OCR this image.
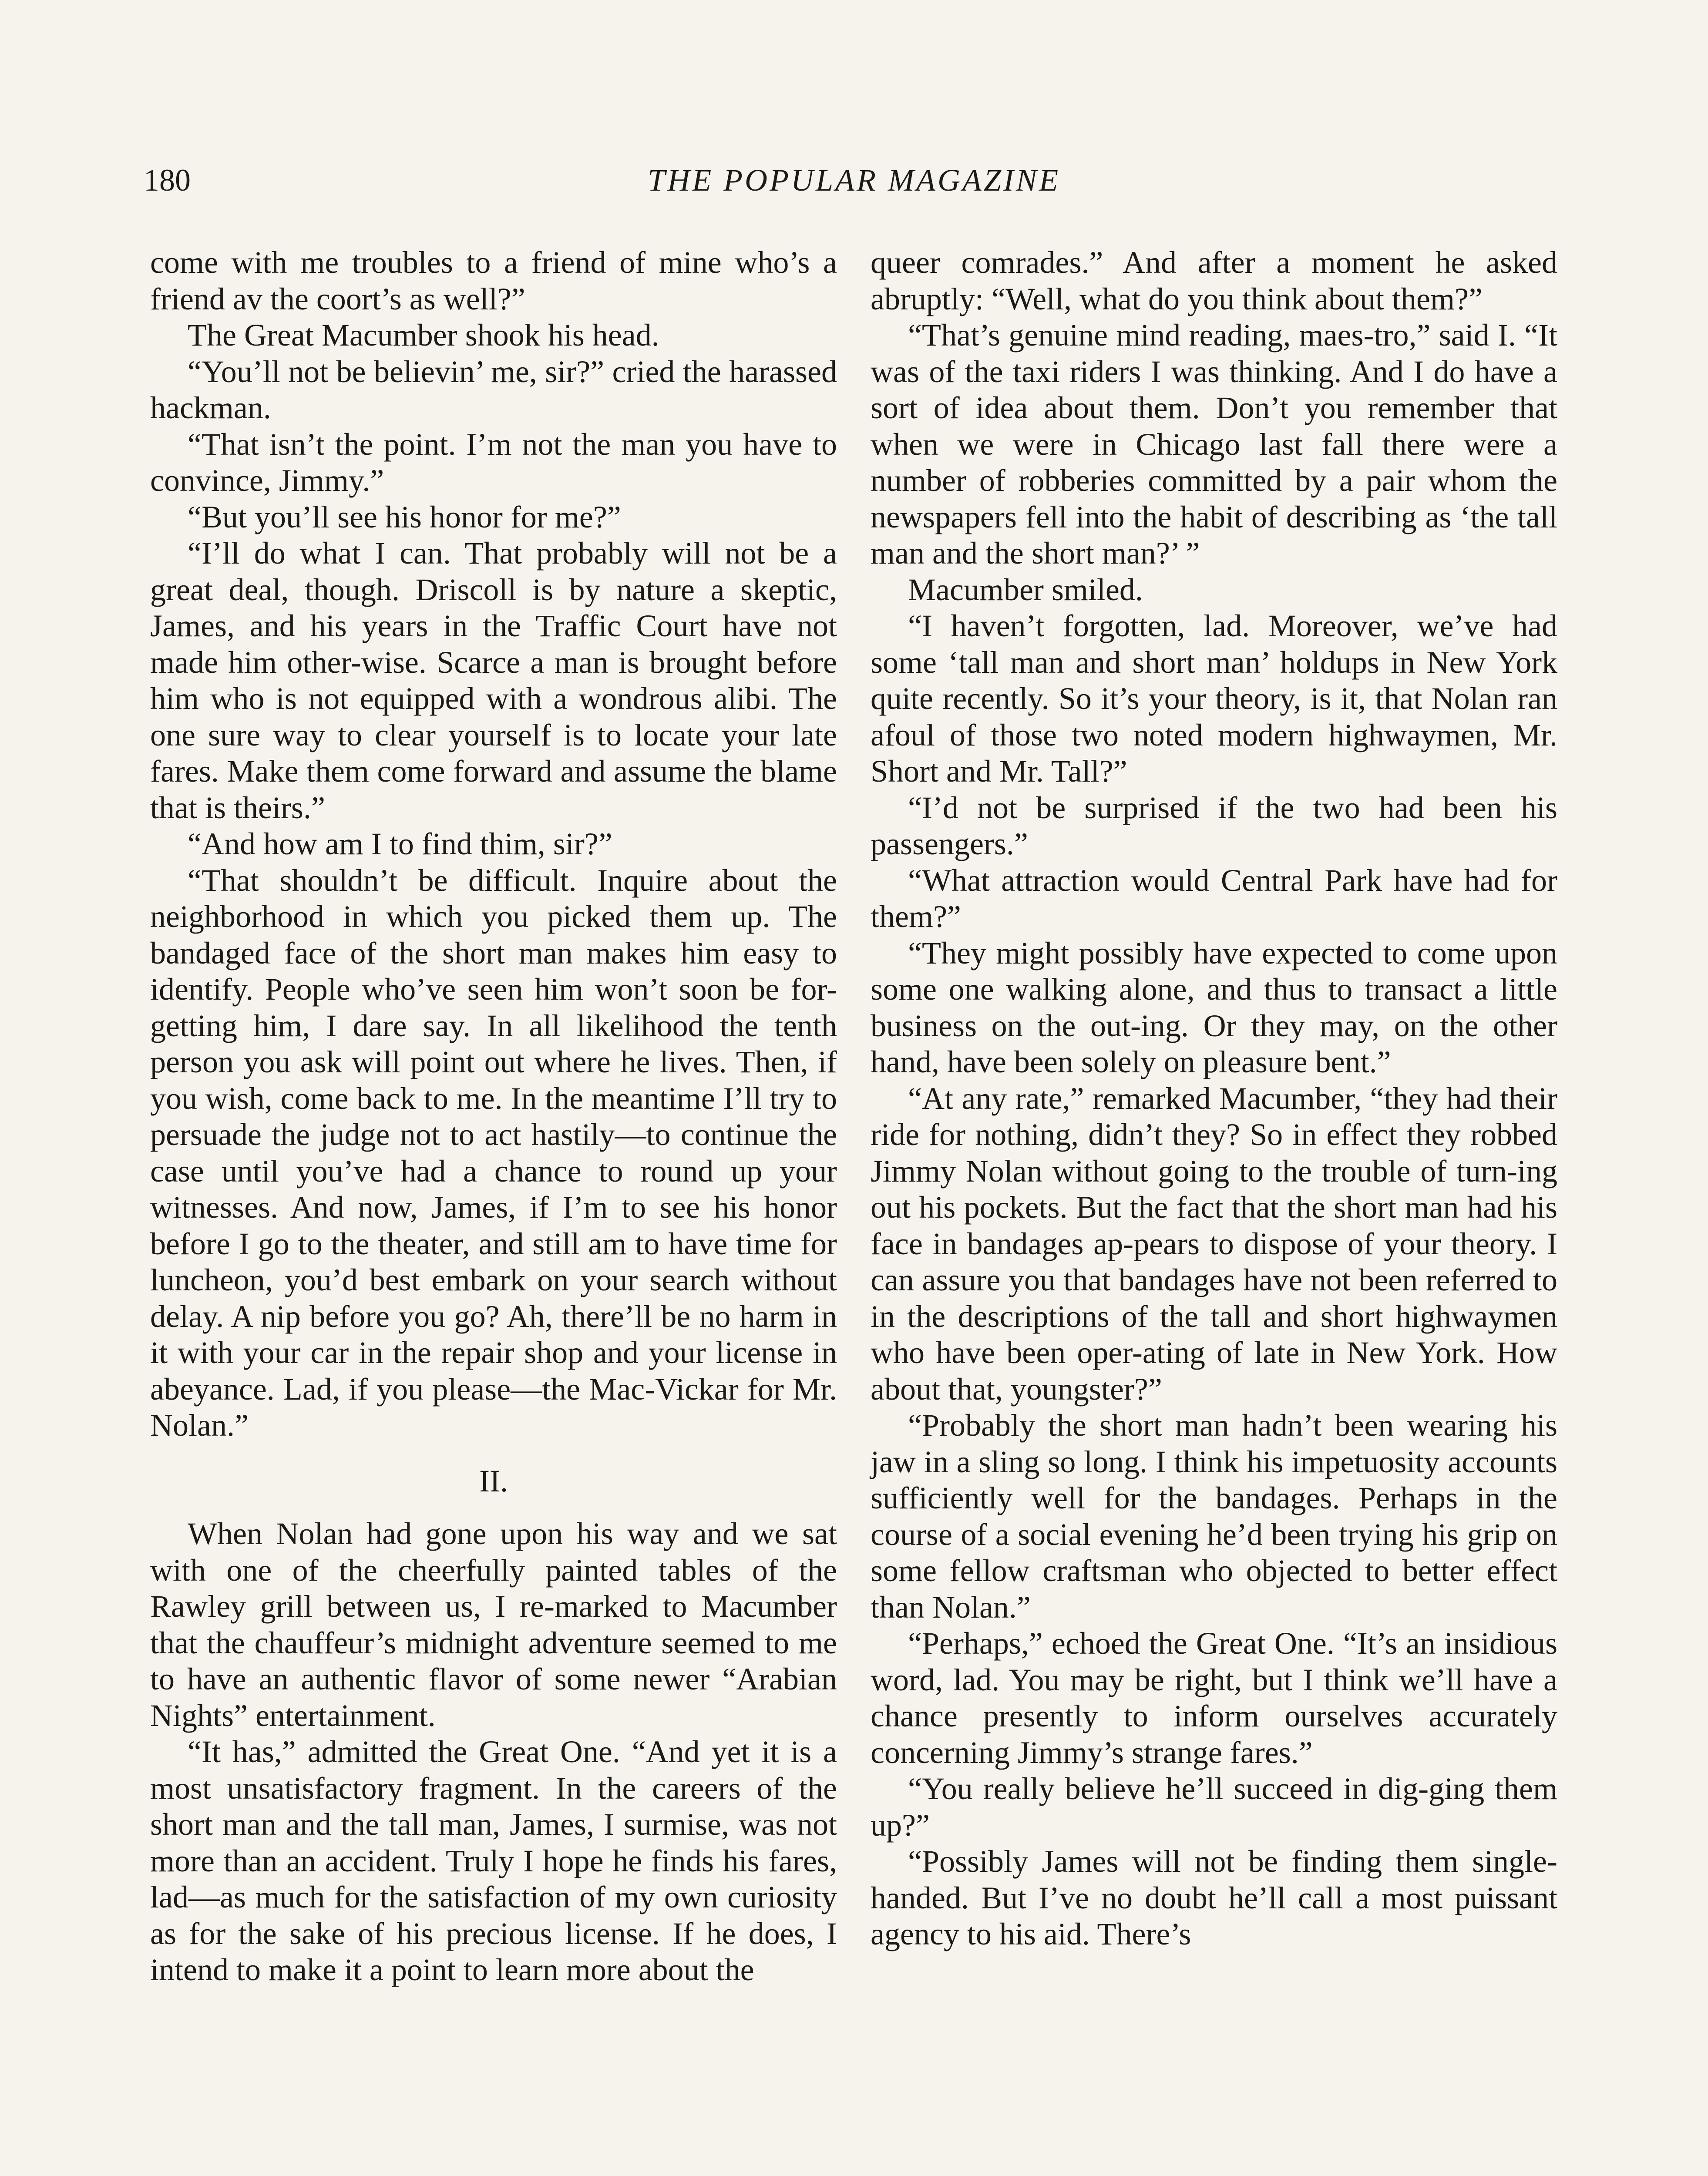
180	THE POPULAR MAGAZINE

come with me troubles to a friend of mine who’s a friend av the coort’s as well?”

The Great Macumber shook his head.

“You’ll not be believin’ me, sir?” cried the harassed hackman.

“That isn’t the point. I’m not the man you have to convince, Jimmy.”

“But you’ll see his honor for me?”

“I’ll do what I can. That probably will not be a great deal, though. Driscoll is by nature a skeptic, James, and his years in the Traffic Court have not made him other-wise. Scarce a man is brought before him who is not equipped with a wondrous alibi. The one sure way to clear yourself is to locate your late fares. Make them come forward and assume the blame that is theirs.”

“And how am I to find thim, sir?”

“That shouldn’t be difficult. Inquire about the neighborhood in which you picked them up. The bandaged face of the short man makes him easy to identify. People who’ve seen him won’t soon be for-getting him, I dare say. In all likelihood the tenth person you ask will point out where he lives. Then, if you wish, come back to me. In the meantime I’ll try to persuade the judge not to act hastily—to continue the case until you’ve had a chance to round up your witnesses. And now, James, if I’m to see his honor before I go to the theater, and still am to have time for luncheon, you’d best embark on your search without delay. A nip before you go? Ah, there’ll be no harm in it with your car in the repair shop and your license in abeyance. Lad, if you please—the Mac-Vickar for Mr. Nolan.”

II.

When Nolan had gone upon his way and we sat with one of the cheerfully painted tables of the Rawley grill between us, I re-marked to Macumber that the chauffeur’s midnight adventure seemed to me to have an authentic flavor of some newer “Arabian Nights” entertainment.

“It has,” admitted the Great One. “And yet it is a most unsatisfactory fragment. In the careers of the short man and the tall man, James, I surmise, was not more than an accident. Truly I hope he finds his fares, lad—as much for the satisfaction of my own curiosity as for the sake of his precious license. If he does, I intend to make it a point to learn more about the

queer comrades.” And after a moment he asked abruptly: “Well, what do you think about them?”

“That’s genuine mind reading, maes-tro,” said I. “It was of the taxi riders I was thinking. And I do have a sort of idea about them. Don’t you remember that when we were in Chicago last fall there were a number of robberies committed by a pair whom the newspapers fell into the habit of describing as ‘the tall man and the short man?’ ”

Macumber smiled.

“I haven’t forgotten, lad. Moreover, we’ve had some ‘tall man and short man’ holdups in New York quite recently. So it’s your theory, is it, that Nolan ran afoul of those two noted modern highwaymen, Mr. Short and Mr. Tall?”

“I’d not be surprised if the two had been his passengers.”

“What attraction would Central Park have had for them?”

“They might possibly have expected to come upon some one walking alone, and thus to transact a little business on the out-ing. Or they may, on the other hand, have been solely on pleasure bent.”

“At any rate,” remarked Macumber, “they had their ride for nothing, didn’t they? So in effect they robbed Jimmy Nolan without going to the trouble of turn-ing out his pockets. But the fact that the short man had his face in bandages ap-pears to dispose of your theory. I can assure you that bandages have not been referred to in the descriptions of the tall and short highwaymen who have been oper-ating of late in New York. How about that, youngster?”

“Probably the short man hadn’t been wearing his jaw in a sling so long. I think his impetuosity accounts sufficiently well for the bandages. Perhaps in the course of a social evening he’d been trying his grip on some fellow craftsman who objected to better effect than Nolan.”

“Perhaps,” echoed the Great One. “It’s an insidious word, lad. You may be right, but I think we’ll have a chance presently to inform ourselves accurately concerning Jimmy’s strange fares.”

“You really believe he’ll succeed in dig-ging them up?”

“Possibly James will not be finding them single-handed. But I’ve no doubt he’ll call a most puissant agency to his aid. There’s
